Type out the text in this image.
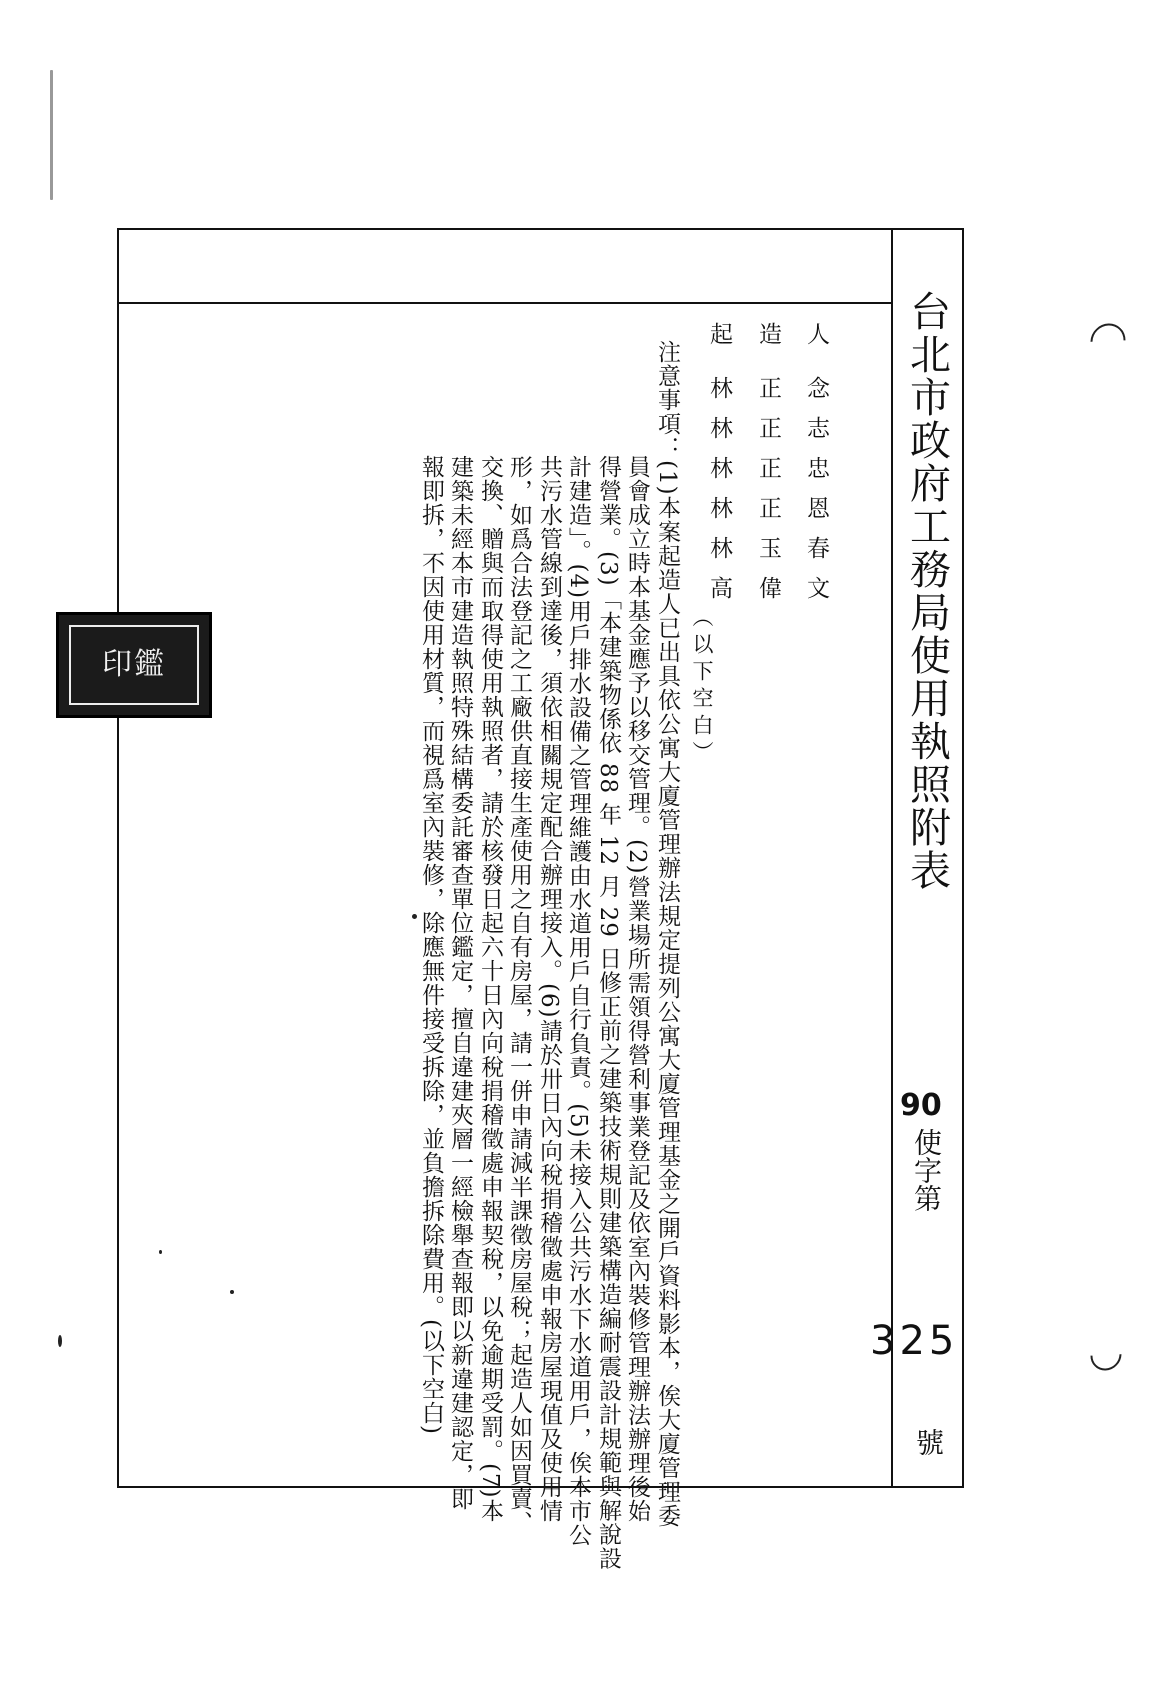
台北市政府工務局使用執照附表
90
使字第
325
號
人
念志忠恩春文
造
正正正正玉偉
起
林林林林林高
（以下空白）
注意事項：(1)本案起造人已出具依公寓大廈管理辦法規定提列公寓大廈管理基金之開戶資料影本，俟大廈管理委
員會成立時本基金應予以移交管理。(2)營業場所需領得營利事業登記及依室內裝修管理辦法辦理後始
得營業。(3)「本建築物係依 88 年 12 月 29 日修正前之建築技術規則建築構造編耐震設計規範與解說設
計建造」。(4)用戶排水設備之管理維護由水道用戶自行負責。(5)未接入公共污水下水道用戶，俟本市公
共污水管線到達後，須依相關規定配合辦理接入。(6)請於卅日內向稅捐稽徵處申報房屋現值及使用情
形，如爲合法登記之工廠供直接生產使用之自有房屋，請一併申請減半課徵房屋稅；起造人如因買賣、
交換、贈與而取得使用執照者，請於核發日起六十日內向稅捐稽徵處申報契稅，以免逾期受罰。(7)本
建築未經本市建造執照特殊結構委託審查單位鑑定，擅自違建夾層一經檢舉查報即以新違建認定，即
報即拆，不因使用材質，而視爲室內裝修，除應無件接受拆除，並負擔拆除費用。(以下空白)
印鑑
